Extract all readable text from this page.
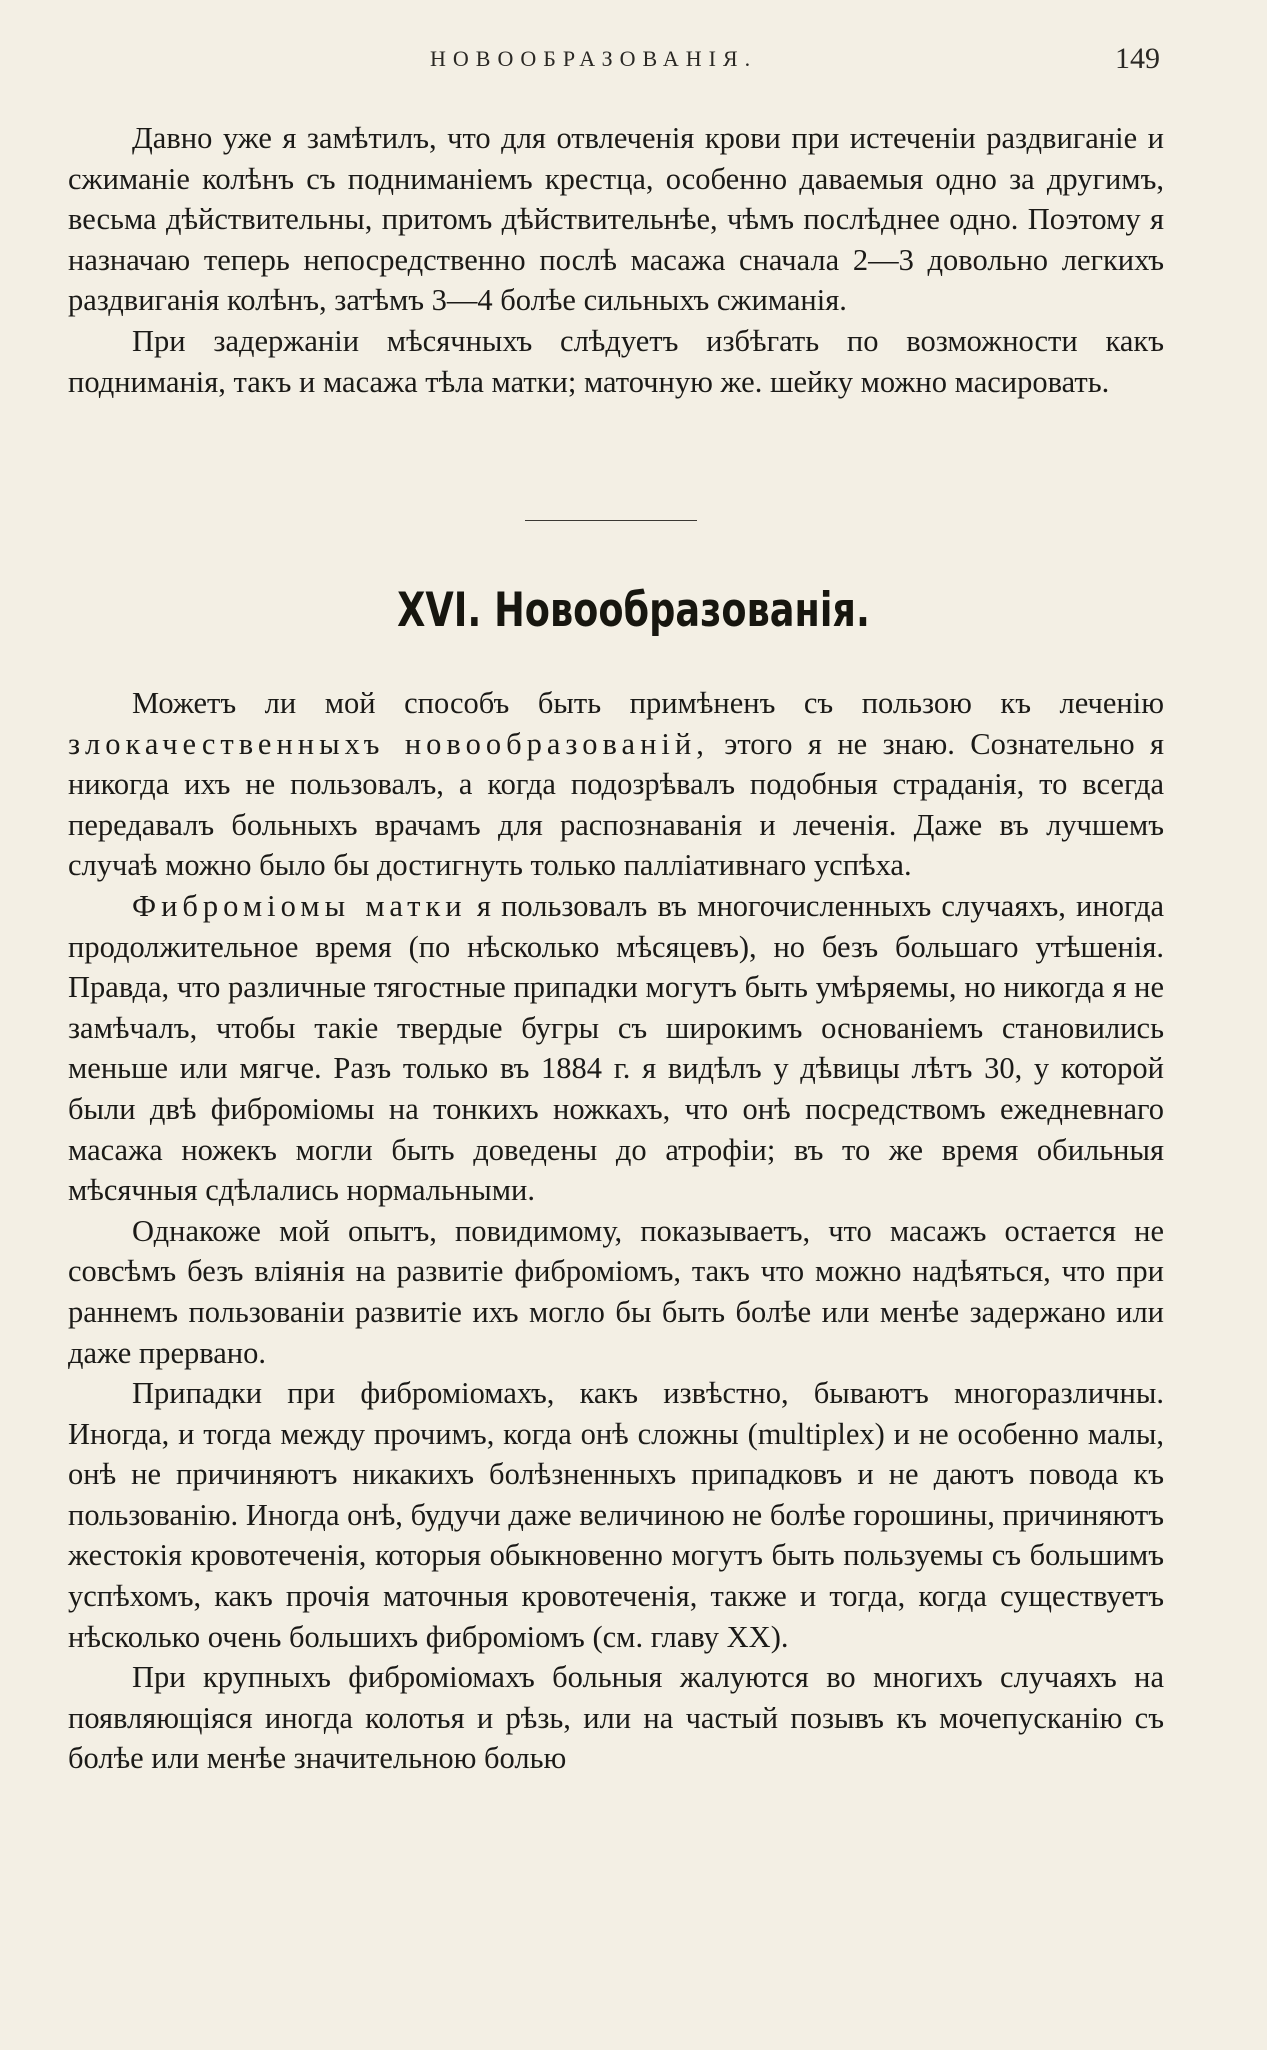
НОВООБРАЗОВАНІЯ.	149

Давно уже я замѣтилъ, что для отвлеченія крови при истеченіи раздвиганіе и сжиманіе колѣнъ съ подниманіемъ крестца, особенно даваемыя одно за другимъ, весьма дѣйствительны, притомъ дѣйствительнѣе, чѣмъ послѣднее одно. Поэтому я назначаю теперь непосредственно послѣ масажа сначала 2—3 довольно легкихъ раздвиганія колѣнъ, затѣмъ 3—4 болѣе сильныхъ сжиманія.

При задержаніи мѣсячныхъ слѣдуетъ избѣгать по возможности какъ подниманія, такъ и масажа тѣла матки; маточную же. шейку можно масировать.

XVI. Новообразованія.

Можетъ ли мой способъ быть примѣненъ съ пользою къ леченію злокачественныхъ новообразованій, этого я не знаю. Сознательно я никогда ихъ не пользовалъ, а когда подозрѣвалъ подобныя страданія, то всегда передавалъ больныхъ врачамъ для распознаванія и леченія. Даже въ лучшемъ случаѣ можно было бы достигнуть только палліативнаго успѣха.

Фиброміомы матки я пользовалъ въ многочисленныхъ случаяхъ, иногда продолжительное время (по нѣсколько мѣсяцевъ), но безъ большаго утѣшенія. Правда, что различные тягостные припадки могутъ быть умѣряемы, но никогда я не замѣчалъ, чтобы такіе твердые бугры съ широкимъ основаніемъ становились меньше или мягче. Разъ только въ 1884 г. я видѣлъ у дѣвицы лѣтъ 30, у которой были двѣ фиброміомы на тонкихъ ножкахъ, что онѣ посредствомъ ежедневнаго масажа ножекъ могли быть доведены до атрофіи; въ то же время обильныя мѣсячныя сдѣлались нормальными.

Однакоже мой опытъ, повидимому, показываетъ, что масажъ остается не совсѣмъ безъ вліянія на развитіе фиброміомъ, такъ что можно надѣяться, что при раннемъ пользованіи развитіе ихъ могло бы быть болѣе или менѣе задержано или даже прервано.

Припадки при фиброміомахъ, какъ извѣстно, бываютъ многоразличны. Иногда, и тогда между прочимъ, когда онѣ сложны (multiplex) и не особенно малы, онѣ не причиняютъ никакихъ болѣзненныхъ припадковъ и не даютъ повода къ пользованію. Иногда онѣ, будучи даже величиною не болѣе горошины, причиняютъ жестокія кровотеченія, которыя обыкновенно могутъ быть пользуемы съ большимъ успѣхомъ, какъ прочія маточныя кровотеченія, также и тогда, когда существуетъ нѣсколько очень большихъ фиброміомъ (см. главу XX).

При крупныхъ фиброміомахъ больныя жалуются во многихъ случаяхъ на появляющіяся иногда колотья и рѣзь, или на частый позывъ къ мочепусканію съ болѣе или менѣе значительною болью
